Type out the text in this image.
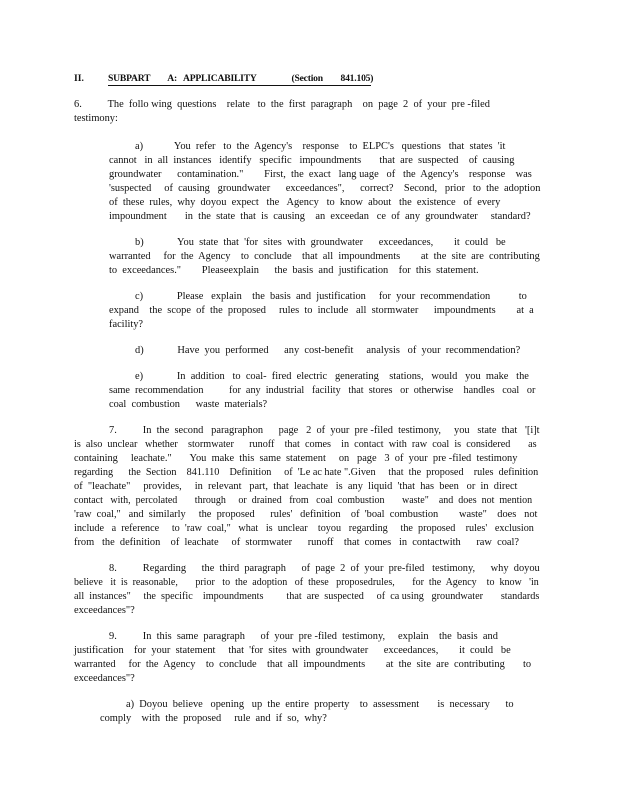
II.	SUBPART        A:   APPLICABILITY                (Section        841.105)
6.          The  follo wing  questions    relate   to  the  first  paragraph    on  page  2  of  your  pre -filed
testimony:
a)            You  refer   to  the  Agency's    response    to  ELPC's   questions   that  states  'it
cannot   in  all  instances   identify   specific   impoundments       that  are  suspected    of  causing
groundwater      contamination."        First,  the  exact   lang uage   of   the  Agency's    response    was
'suspected     of  causing   groundwater      exceedances",      correct?    Second,   prior   to  the  adoption
of  these  rules,  why  doyou  expect   the   Agency   to  know  about   the  existence   of  every
impoundment       in  the  state  that  is  causing    an  exceedan   ce  of  any  groundwater     standard?
b)             You  state  that  'for  sites  with  groundwater      exceedances,        it  could   be
warranted     for  the  Agency    to  conclude    that  all  impoundments        at  the  site  are  contributing
to  exceedances."        Pleaseexplain      the  basis  and  justification    for  this  statement.
c)             Please   explain    the  basis  and  justification     for  your  recommendation           to
expand    the  scope  of  the  proposed     rules  to  include   all  stormwater      impoundments        at  a
facility?
d)             Have  you  performed      any  cost-benefit     analysis   of  your  recommendation?
e)             In  addition   to  coal-  fired  electric   generating    stations,   would   you  make   the
same  recommendation          for  any  industrial   facility   that  stores   or  otherwise    handles   coal   or
coal  combustion      waste  materials?
7.          In  the  second   paragraphon      page   2  of  your  pre -filed  testimony,     you   state  that   '[i]t
is  also  unclear   whether    stormwater      runoff    that  comes    in  contact  with  raw  coal  is  considered       as
containing     leachate."       You  make  this  same  statement     on   page   3  of  your  pre -filed  testimony
regarding      the  Section    841.110    Definition     of  'Le ac hate ".Given     that  the  proposed    rules  definition
of  "leachate"     provides,     in  relevant   part,  that  leachate   is  any  liquid  'that  has  been   or  in  direct
contact   with,  percolated       through     or  drained   from   coal  combustion       waste"    and  does  not  mention
'raw  coal,"   and  similarly     the  proposed      rules'   definition    of  'boal  combustion        waste"    does   not
include   a  reference     to  'raw  coal,"   what   is  unclear    toyou   regarding     the  proposed    rules'   exclusion
from   the  definition    of  leachate     of  stormwater      runoff    that  comes   in  contactwith      raw  coal?
8.          Regarding      the  third  paragraph      of  page  2  of  your  pre-filed   testimony,      why  doyou
believe   it  is  reasonable,       prior   to  the  adoption   of  these   proposedrules,       for  the  Agency    to  know   'in
all  instances"     the  specific    impoundments         that  are  suspected     of  ca using   groundwater       standards
exceedances"?
9.          In  this  same  paragraph      of  your  pre -filed  testimony,     explain    the  basis  and
justification    for  your  statement     that  'for  sites  with  groundwater      exceedances,        it  could   be
warranted     for  the  Agency    to  conclude    that  all  impoundments        at  the  site  are  contributing       to
exceedances"?
a)  Doyou  believe   opening   up  the  entire  property    to  assessment       is  necessary      to
comply    with  the  proposed     rule  and  if  so,  why?
